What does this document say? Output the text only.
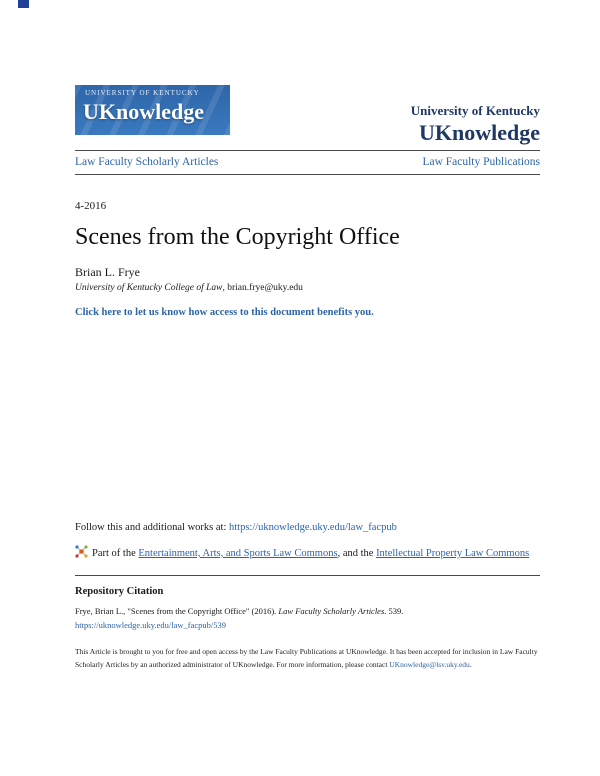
UNIVERSITY OF KENTUCKY
UKnowledge	University of Kentucky
UKnowledge
Law Faculty Scholarly Articles	Law Faculty Publications
4-2016
Scenes from the Copyright Office
Brian L. Frye
University of Kentucky College of Law, brian.frye@uky.edu
Click here to let us know how access to this document benefits you.
Follow this and additional works at: https://uknowledge.uky.edu/law_facpub
Part of the Entertainment, Arts, and Sports Law Commons, and the Intellectual Property Law Commons
Repository Citation
Frye, Brian L., "Scenes from the Copyright Office" (2016). Law Faculty Scholarly Articles. 539.
https://uknowledge.uky.edu/law_facpub/539
This Article is brought to you for free and open access by the Law Faculty Publications at UKnowledge. It has been accepted for inclusion in Law Faculty Scholarly Articles by an authorized administrator of UKnowledge. For more information, please contact UKnowledge@lsv.uky.edu.
